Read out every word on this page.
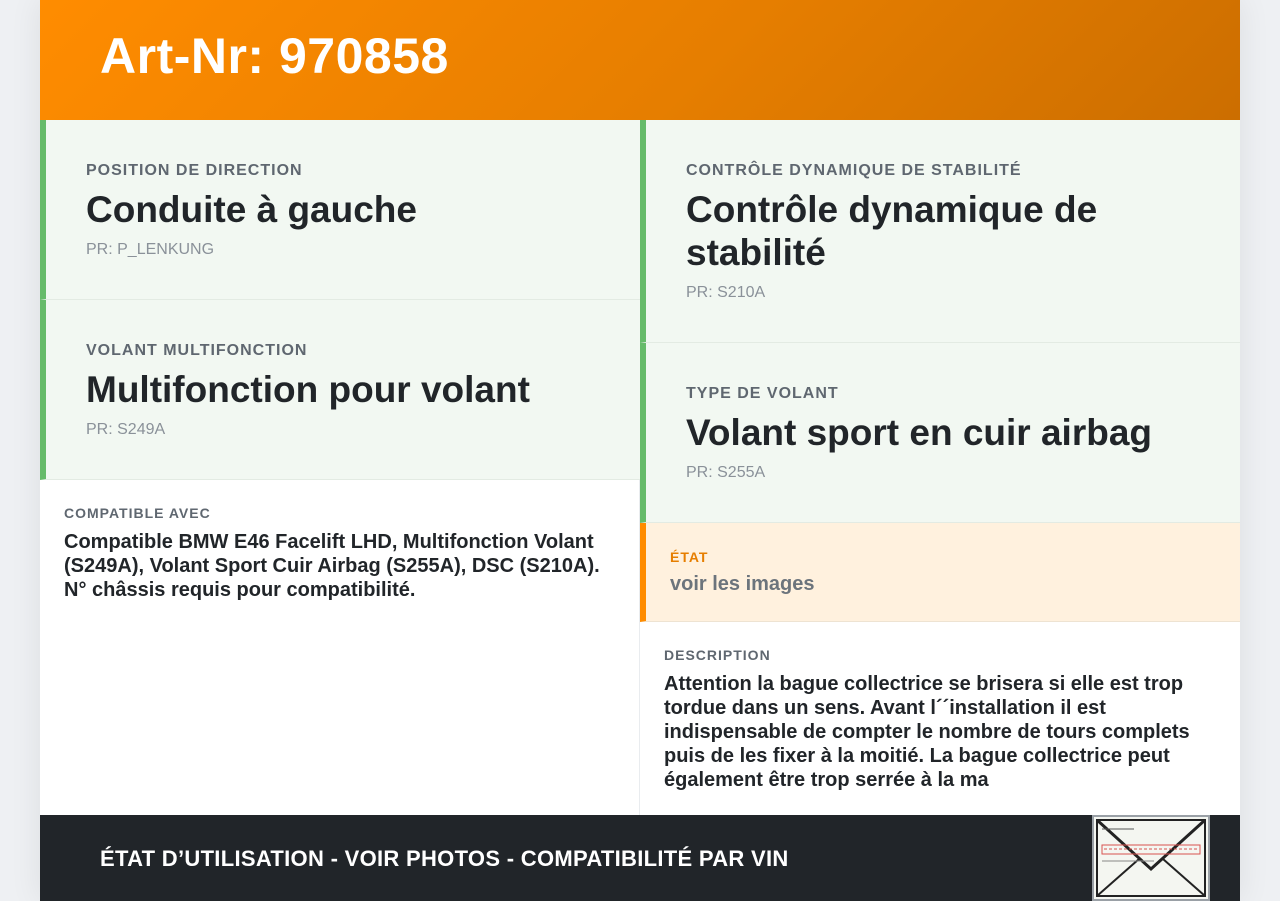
Art-Nr: 970858
POSITION DE DIRECTION
Conduite à gauche
PR: P_LENKUNG
VOLANT MULTIFONCTION
Multifonction pour volant
PR: S249A
CONTRÔLE DYNAMIQUE DE STABILITÉ
Contrôle dynamique de stabilité
PR: S210A
TYPE DE VOLANT
Volant sport en cuir airbag
PR: S255A
COMPATIBLE AVEC
Compatible BMW E46 Facelift LHD, Multifonction Volant (S249A), Volant Sport Cuir Airbag (S255A), DSC (S210A). N° châssis requis pour compatibilité.
ÉTAT
voir les images
DESCRIPTION
Attention la bague collectrice se brisera si elle est trop tordue dans un sens. Avant l´´installation il est indispensable de compter le nombre de tours complets puis de les fixer à la moitié. La bague collectrice peut également être trop serrée à la ma
ÉTAT D’UTILISATION - VOIR PHOTOS - COMPATIBILITÉ PAR VIN
